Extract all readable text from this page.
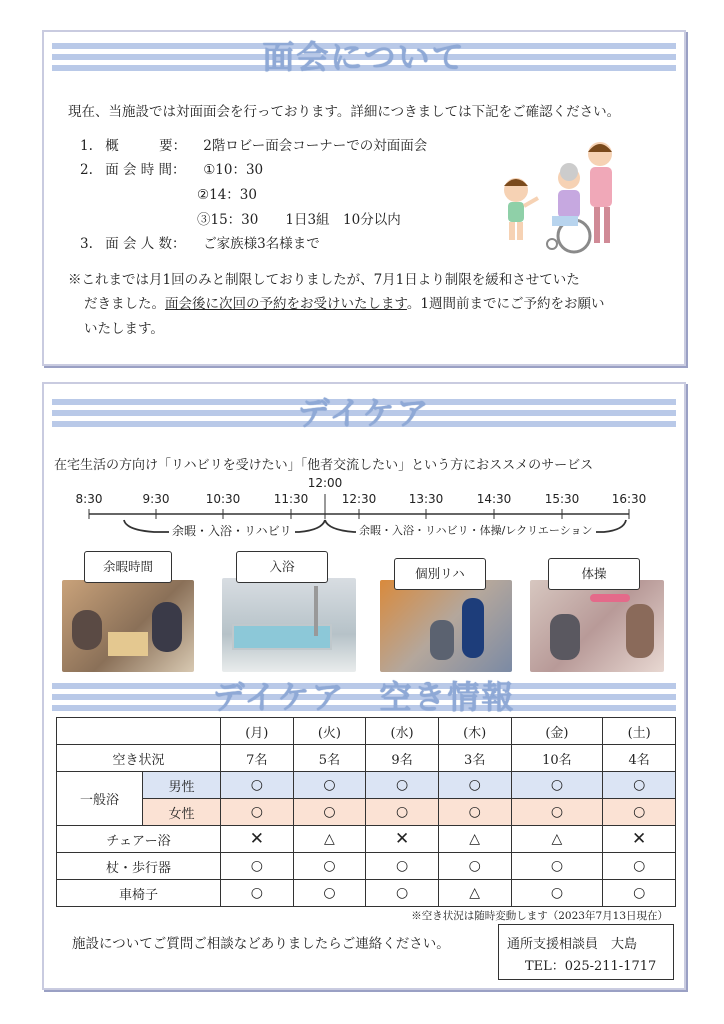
面会について
現在、当施設では対面面会を行っております。詳細につきましては下記をご確認ください。
1. 概　　　要： 2階ロビー面会コーナーでの対面面会
2. 面 会 時 間： ①10：30
②14：30
③15：30　　1日3組　10分以内
3. 面 会 人 数： ご家族様3名様まで
※これまでは月1回のみと制限しておりましたが、7月1日より制限を緩和させていた
だきました。面会後に次回の予約をお受けいたします。1週間前までにご予約をお願い
いたします。
デイケア
在宅生活の方向け「リハビリを受けたい」「他者交流したい」という方におススメのサービス
8:30	9:30	10:30	11:30
12:00
12:30	13:30	14:30	15:30	16:30
余暇・入浴・リハビリ	余暇・入浴・リハビリ・体操/レクリエーション
余暇時間	入浴	個別リハ	体操
デイケア　空き情報
		(月)	(火)	(水)	(木)	(金)	(土)
空き状況		7名	5名	9名	3名	10名	4名
一般浴	男性	○	○	○	○	○	○
	女性	○	○	○	○	○	○
チェアー浴		✕	△	✕	△	△	✕
杖・歩行器		○	○	○	○	○	○
車椅子		○	○	○	△	○	○
※空き状況は随時変動します（2023年7月13日現在）
施設についてご質問ご相談などありましたらご連絡ください。	通所支援相談員　大島
TEL：025-211-1717
